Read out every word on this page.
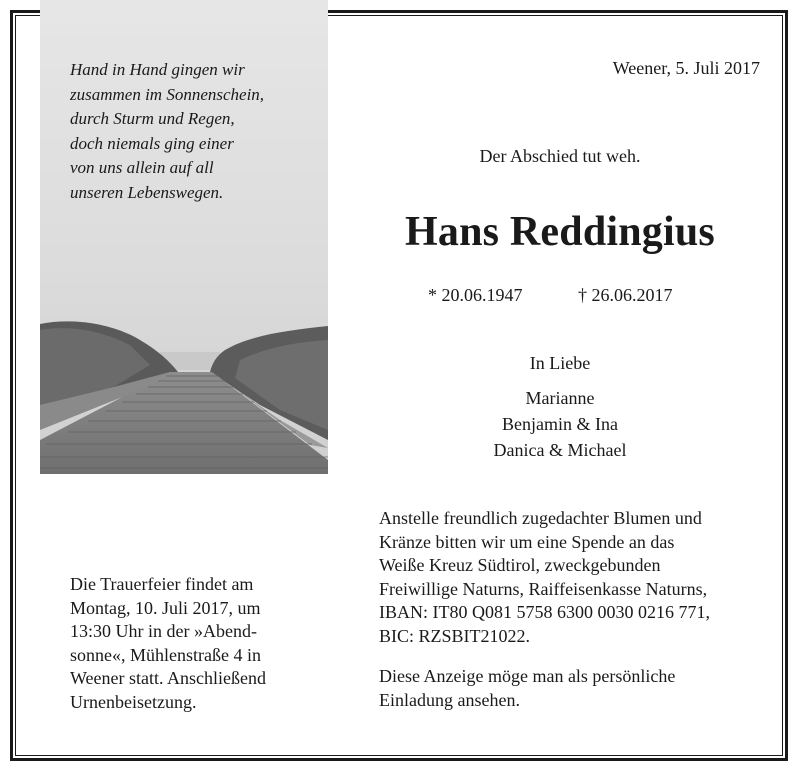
Hand in Hand gingen wir
zusammen im Sonnenschein,
durch Sturm und Regen,
doch niemals ging einer
von uns allein auf all
unseren Lebenswegen.
Weener, 5. Juli 2017
Der Abschied tut weh.
Hans Reddingius
* 20.06.1947	† 26.06.2017
In Liebe
Marianne
Benjamin & Ina
Danica & Michael
Die Trauerfeier findet am
Montag, 10. Juli 2017, um
13:30 Uhr in der »Abend-
sonne«, Mühlenstraße 4 in
Weener statt. Anschließend
Urnenbeisetzung.
Anstelle freundlich zugedachter Blumen und
Kränze bitten wir um eine Spende an das
Weiße Kreuz Südtirol, zweckgebunden
Freiwillige Naturns, Raiffeisenkasse Naturns,
IBAN: IT80 Q081 5758 6300 0030 0216 771,
BIC: RZSBIT21022.
Diese Anzeige möge man als persönliche
Einladung ansehen.
